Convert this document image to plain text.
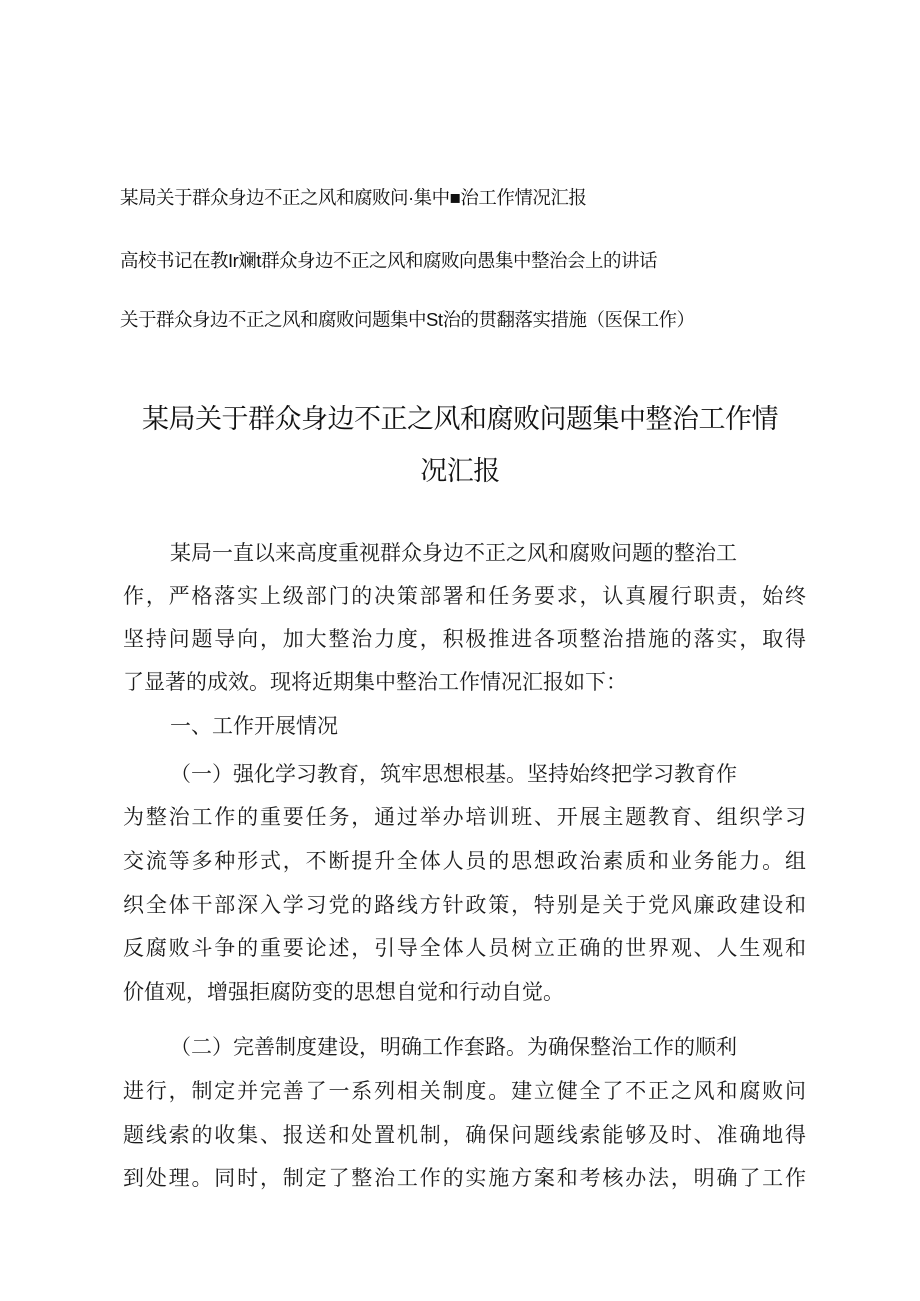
某局关于群众身边不正之风和腐败问·集中■治工作情况汇报
高校书记在教Ir斓t群众身边不正之风和腐败向愚集中整治会上的讲话
关于群众身边不正之风和腐败问题集中St治的贯翻落实措施（医保工作）
某局关于群众身边不正之风和腐败问题集中整治工作情
况汇报
某局一直以来高度重视群众身边不正之风和腐败问题的整治工
作，严格落实上级部门的决策部署和任务要求，认真履行职责，始终
坚持问题导向，加大整治力度，积极推进各项整治措施的落实，取得
了显著的成效。现将近期集中整治工作情况汇报如下：
一、工作开展情况
（一）强化学习教育，筑牢思想根基。坚持始终把学习教育作
为整治工作的重要任务，通过举办培训班、开展主题教育、组织学习
交流等多种形式，不断提升全体人员的思想政治素质和业务能力。组
织全体干部深入学习党的路线方针政策，特别是关于党风廉政建设和
反腐败斗争的重要论述，引导全体人员树立正确的世界观、人生观和
价值观，增强拒腐防变的思想自觉和行动自觉。
（二）完善制度建设，明确工作套路。为确保整治工作的顺利
进行，制定并完善了一系列相关制度。建立健全了不正之风和腐败问
题线索的收集、报送和处置机制，确保问题线索能够及时、准确地得
到处理。同时，制定了整治工作的实施方案和考核办法，明确了工作
